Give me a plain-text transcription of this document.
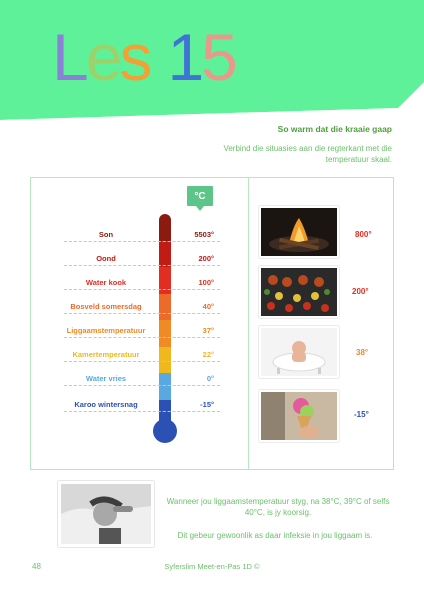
Les 15
So warm dat die kraaie gaap
Verbind die situasies aan die regterkant met die temperatuur skaal.
°C
Son	5503°
Oond	200°
Water kook	100°
Bosveld somersdag	40°
Liggaamstemperatuur	37°
Kamertemperatuur	22°
Water vries	0°
Karoo wintersnag	-15°
800°
200°
38°
-15°
Wanneer jou liggaamstemperatuur styg, na 38°C, 39°C of selfs 40°C, is jy koorsig.
Dit gebeur gewoonlik as daar infeksie in jou liggaam is.
48	Syferslim Meet-en-Pas 1D ©
